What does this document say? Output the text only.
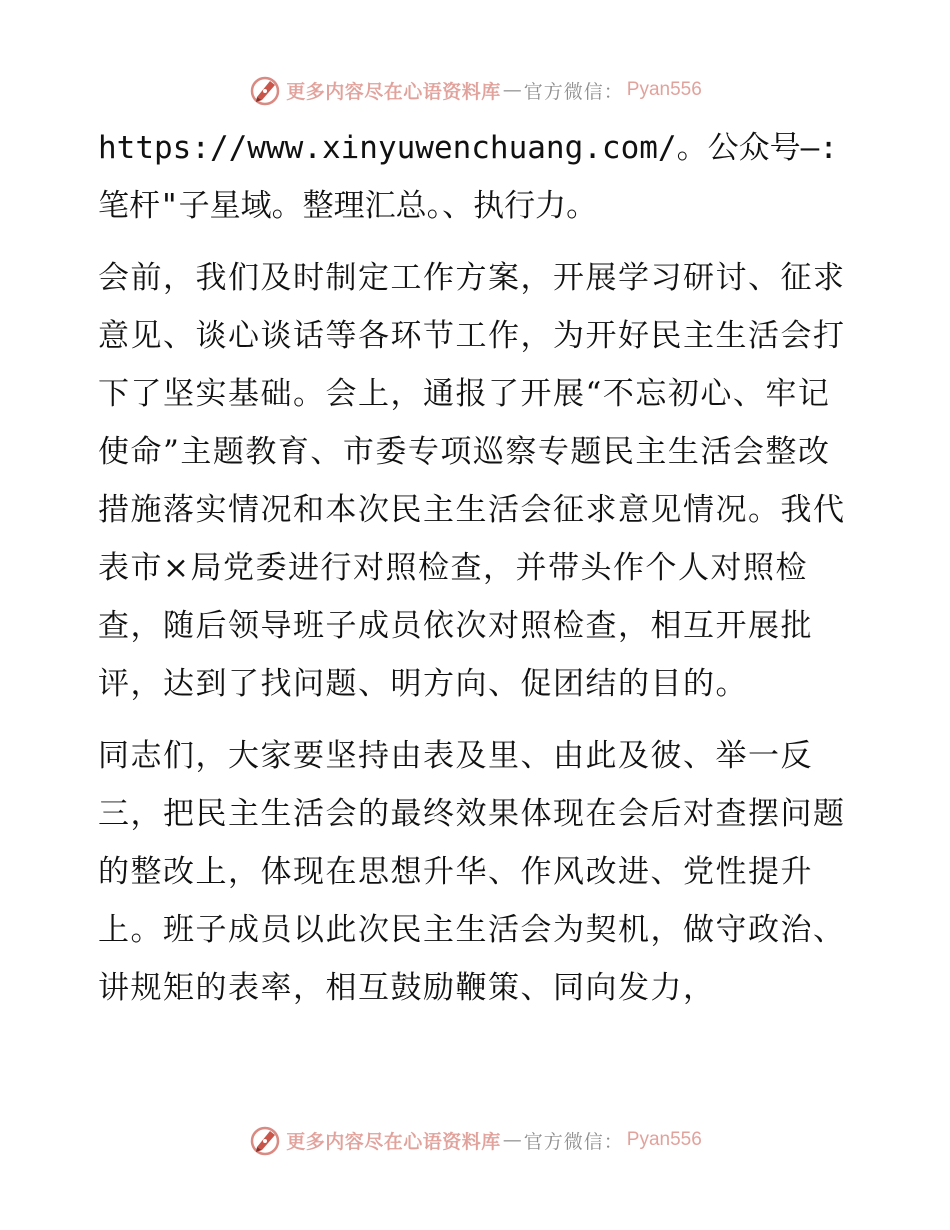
更多内容尽在心语资料库 — 官方微信 ： Pyan556

https://www.xinyuwenchuang.com/。公众号—:笔杆"子星域。整理汇总。、执行力。

会前，我们及时制定工作方案，开展学习研讨、征求意见、谈心谈话等各环节工作，为开好民主生活会打下了坚实基础。会上，通报了开展“不忘初心、牢记使命”主题教育、市委专项巡察专题民主生活会整改措施落实情况和本次民主生活会征求意见情况。我代表市×局党委进行对照检查，并带头作个人对照检查，随后领导班子成员依次对照检查，相互开展批评，达到了找问题、明方向、促团结的目的。

同志们，大家要坚持由表及里、由此及彼、举一反三，把民主生活会的最终效果体现在会后对查摆问题的整改上，体现在思想升华、作风改进、党性提升上。班子成员以此次民主生活会为契机，做守政治、讲规矩的表率，相互鼓励鞭策、同向发力，

更多内容尽在心语资料库 — 官方微信 ： Pyan556
